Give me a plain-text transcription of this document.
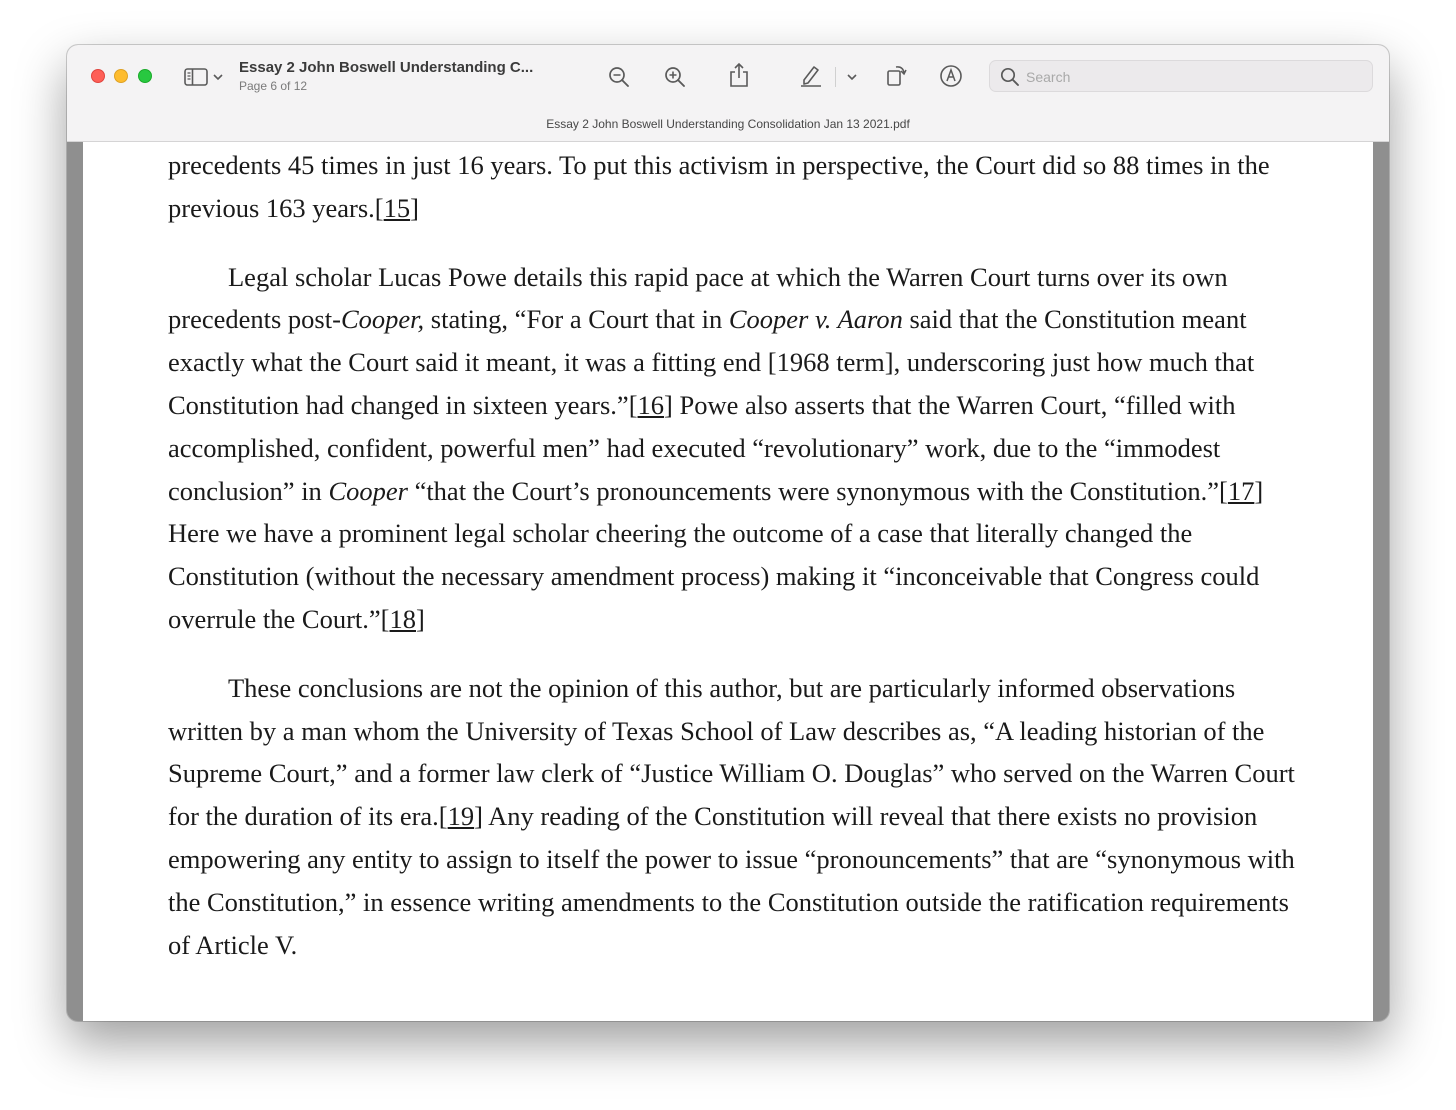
Essay 2 John Boswell Understanding C...
Page 6 of 12
Search
Essay 2 John Boswell Understanding Consolidation Jan 13 2021.pdf

precedents 45 times in just 16 years. To put this activism in perspective, the Court did so 88 times in the previous 163 years.[15]

Legal scholar Lucas Powe details this rapid pace at which the Warren Court turns over its own precedents post-Cooper, stating, “For a Court that in Cooper v. Aaron said that the Constitution meant exactly what the Court said it meant, it was a fitting end [1968 term], underscoring just how much that Constitution had changed in sixteen years.”[16] Powe also asserts that the Warren Court, “filled with accomplished, confident, powerful men” had executed “revolutionary” work, due to the “immodest conclusion” in Cooper “that the Court’s pronouncements were synonymous with the Constitution.”[17] Here we have a prominent legal scholar cheering the outcome of a case that literally changed the Constitution (without the necessary amendment process) making it “inconceivable that Congress could overrule the Court.”[18]

These conclusions are not the opinion of this author, but are particularly informed observations written by a man whom the University of Texas School of Law describes as, “A leading historian of the Supreme Court,” and a former law clerk of “Justice William O. Douglas” who served on the Warren Court for the duration of its era.[19] Any reading of the Constitution will reveal that there exists no provision empowering any entity to assign to itself the power to issue “pronouncements” that are “synonymous with the Constitution,” in essence writing amendments to the Constitution outside the ratification requirements of Article V.
